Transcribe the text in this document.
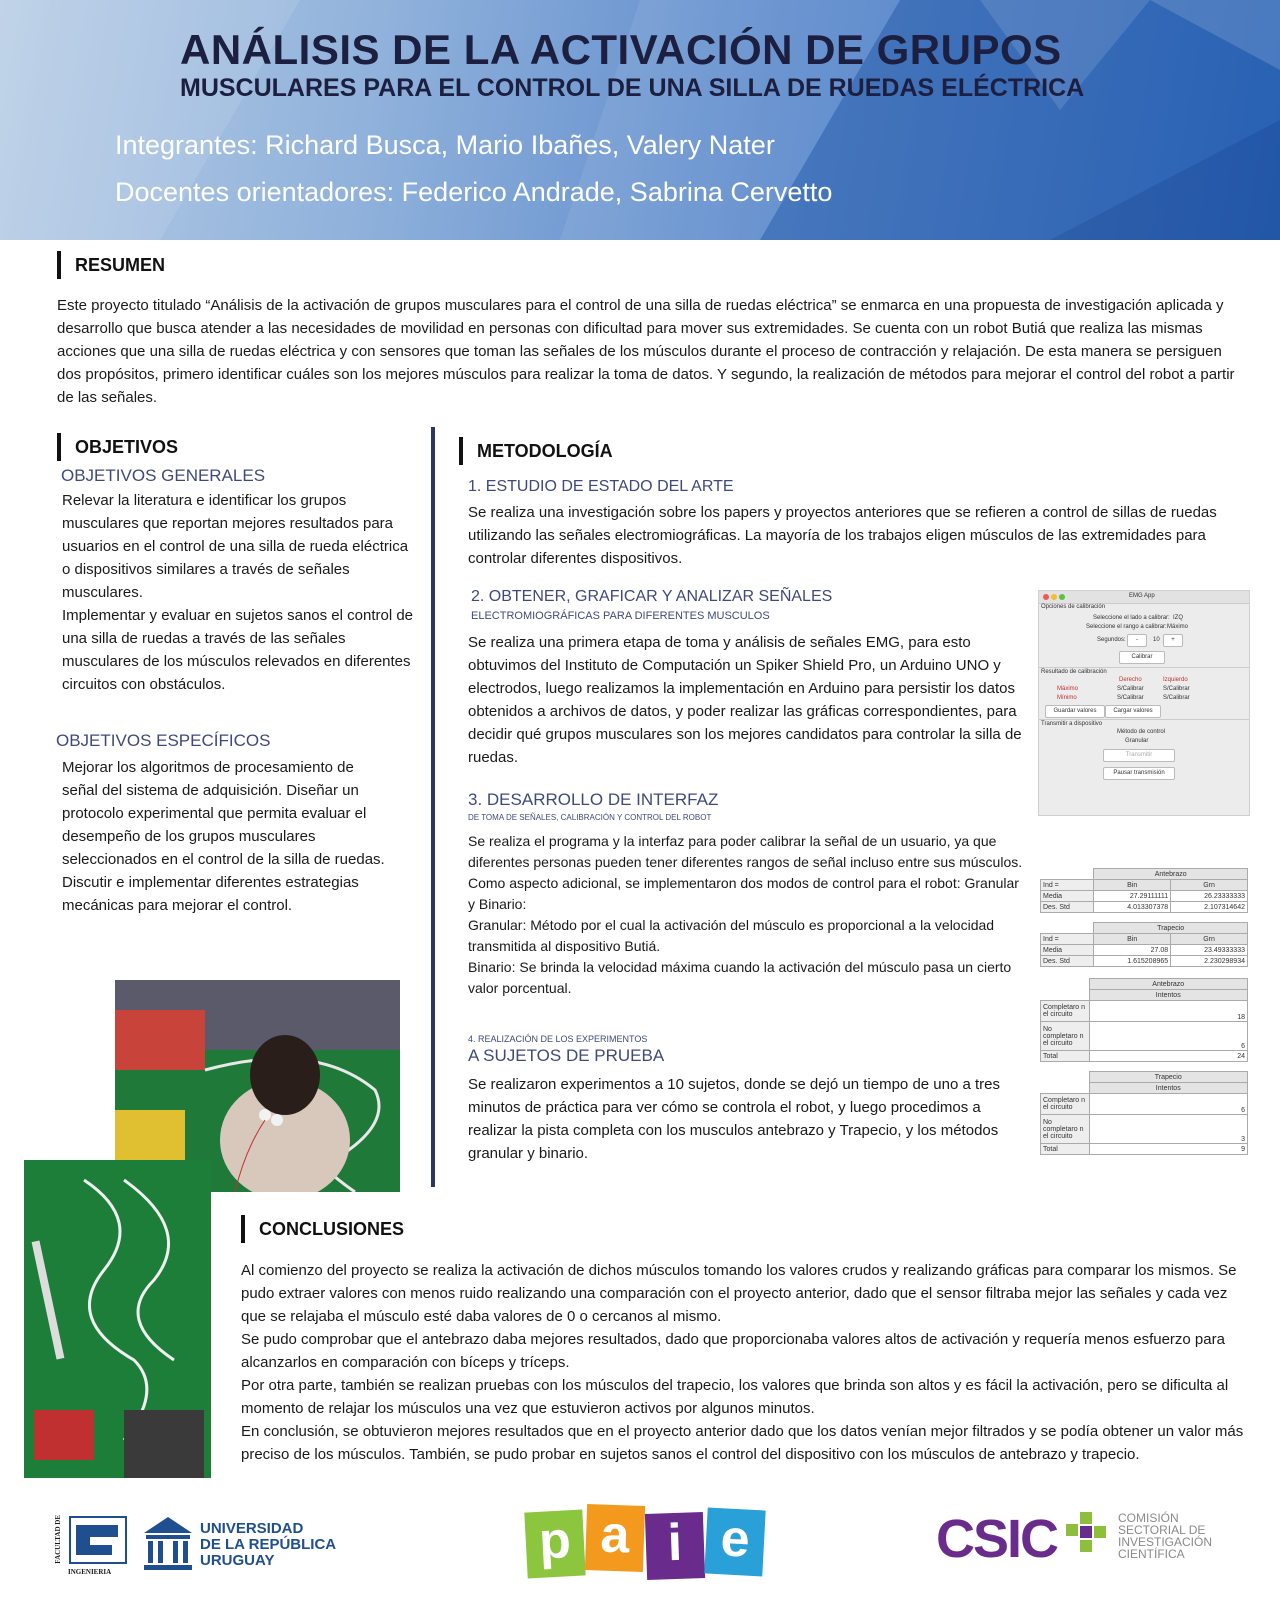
ANÁLISIS DE LA ACTIVACIÓN DE GRUPOS
MUSCULARES PARA EL CONTROL DE UNA SILLA DE RUEDAS ELÉCTRICA
Integrantes: Richard Busca, Mario Ibañes, Valery Nater
Docentes orientadores: Federico Andrade, Sabrina Cervetto
RESUMEN
Este proyecto titulado “Análisis de la activación de grupos musculares para el control de una silla de ruedas eléctrica” se enmarca en una propuesta de investigación aplicada y desarrollo que busca atender a las necesidades de movilidad en personas con dificultad para mover sus extremidades. Se cuenta con un robot Butiá que realiza las mismas acciones que una silla de ruedas eléctrica y con sensores que toman las señales de los músculos durante el proceso de contracción y relajación. De esta manera se persiguen dos propósitos, primero identificar cuáles son los mejores músculos para realizar la toma de datos. Y segundo, la realización de métodos para mejorar el control del robot a partir de las señales.
OBJETIVOS
OBJETIVOS GENERALES
Relevar la literatura e identificar los grupos musculares que reportan mejores resultados para usuarios en el control de una silla de rueda eléctrica o dispositivos similares a través de señales musculares.
Implementar y evaluar en sujetos sanos el control de una silla de ruedas a través de las señales musculares de los músculos relevados en diferentes circuitos con obstáculos.
OBJETIVOS ESPECÍFICOS
Mejorar los algoritmos de procesamiento de señal del sistema de adquisición. Diseñar un protocolo experimental que permita evaluar el desempeño de los grupos musculares seleccionados en el control de la silla de ruedas. Discutir e implementar diferentes estrategias mecánicas para mejorar el control.
METODOLOGÍA
1. ESTUDIO DE ESTADO DEL ARTE
Se realiza una investigación sobre los papers y proyectos anteriores que se refieren a control de sillas de ruedas utilizando las señales electromiográficas. La mayoría de los trabajos eligen músculos de las extremidades para controlar diferentes dispositivos.
2. OBTENER, GRAFICAR Y ANALIZAR SEÑALES
ELECTROMIOGRÁFICAS PARA DIFERENTES MUSCULOS
Se realiza una primera etapa de toma y análisis de señales EMG, para esto obtuvimos del Instituto de Computación un Spiker Shield Pro, un Arduino UNO y electrodos, luego realizamos la implementación en Arduino para persistir los datos obtenidos a archivos de datos, y poder realizar las gráficas correspondientes, para decidir qué grupos musculares son los mejores candidatos para controlar la silla de ruedas.
3. DESARROLLO DE INTERFAZ
DE TOMA DE SEÑALES, CALIBRACIÓN Y CONTROL DEL ROBOT
Se realiza el programa y la interfaz para poder calibrar la señal de un usuario, ya que diferentes personas pueden tener diferentes rangos de señal incluso entre sus músculos. Como aspecto adicional, se implementaron dos modos de control para el robot: Granular y Binario:
Granular: Método por el cual la activación del músculo es proporcional a la velocidad transmitida al dispositivo Butiá.
Binario: Se brinda la velocidad máxima cuando la activación del músculo pasa un cierto valor porcentual.
4. REALIZACIÓN DE LOS EXPERIMENTOS
A SUJETOS DE PRUEBA
Se realizaron experimentos a 10 sujetos, donde se dejó un tiempo de uno a tres minutos de práctica para ver cómo se controla el robot, y luego procedimos a realizar la pista completa con los musculos antebrazo y Trapecio, y los métodos granular y binario.
EMG App
Opciones de calibración
Seleccione el lado a calibrar: IZQ
Seleccione el rango a calibrar: Máximo
Segundos:	-	10	+
Calibrar
Resultado de calibración
Derecho	Izquierdo
Máximo	S/Calibrar	S/Calibrar
Mínimo	S/Calibrar	S/Calibrar
Guardar valores	Cargar valores
Transmitir a dispositivo
Método de control
Granular
Transmitir
Pausar transmisión
	Antebrazo	
Ind =	Bin	Grn
Media	27.29111111	26.23333333
Des. Std	4.013307378	2.107314642
	Trapecio	
Ind =	Bin	Grn
Media	27.08	23.49333333
Des. Std	1.615208965	2.230298934
	Antebrazo
	Intentos
Completaro n el circuito	18
No completaro n el circuito	6
Total	24
	Trapecio
	Intentos
Completaro n el circuito	6
No completaro n el circuito	3
Total	9
CONCLUSIONES
Al comienzo del proyecto se realiza la activación de dichos músculos tomando los valores crudos y realizando gráficas para comparar los mismos. Se pudo extraer valores con menos ruido realizando una comparación con el proyecto anterior, dado que el sensor filtraba mejor las señales y cada vez que se relajaba el músculo esté daba valores de 0 o cercanos al mismo.
Se pudo comprobar que el antebrazo daba mejores resultados, dado que proporcionaba valores altos de activación y requería menos esfuerzo para alcanzarlos en comparación con bíceps y tríceps.
Por otra parte, también se realizan pruebas con los músculos del trapecio, los valores que brinda son altos y es fácil la activación, pero se dificulta al momento de relajar los músculos una vez que estuvieron activos por algunos minutos.
En conclusión, se obtuvieron mejores resultados que en el proyecto anterior dado que los datos venían mejor filtrados y se podía obtener un valor más preciso de los músculos. También, se pudo probar en sujetos sanos el control del dispositivo con los músculos de antebrazo y trapecio.
FACULTAD DE
INGENIERIA
UNIVERSIDAD
DE LA REPÚBLICA
URUGUAY	p a i e	CSIC	COMISIÓN
SECTORIAL DE
INVESTIGACIÓN
CIENTÍFICA
